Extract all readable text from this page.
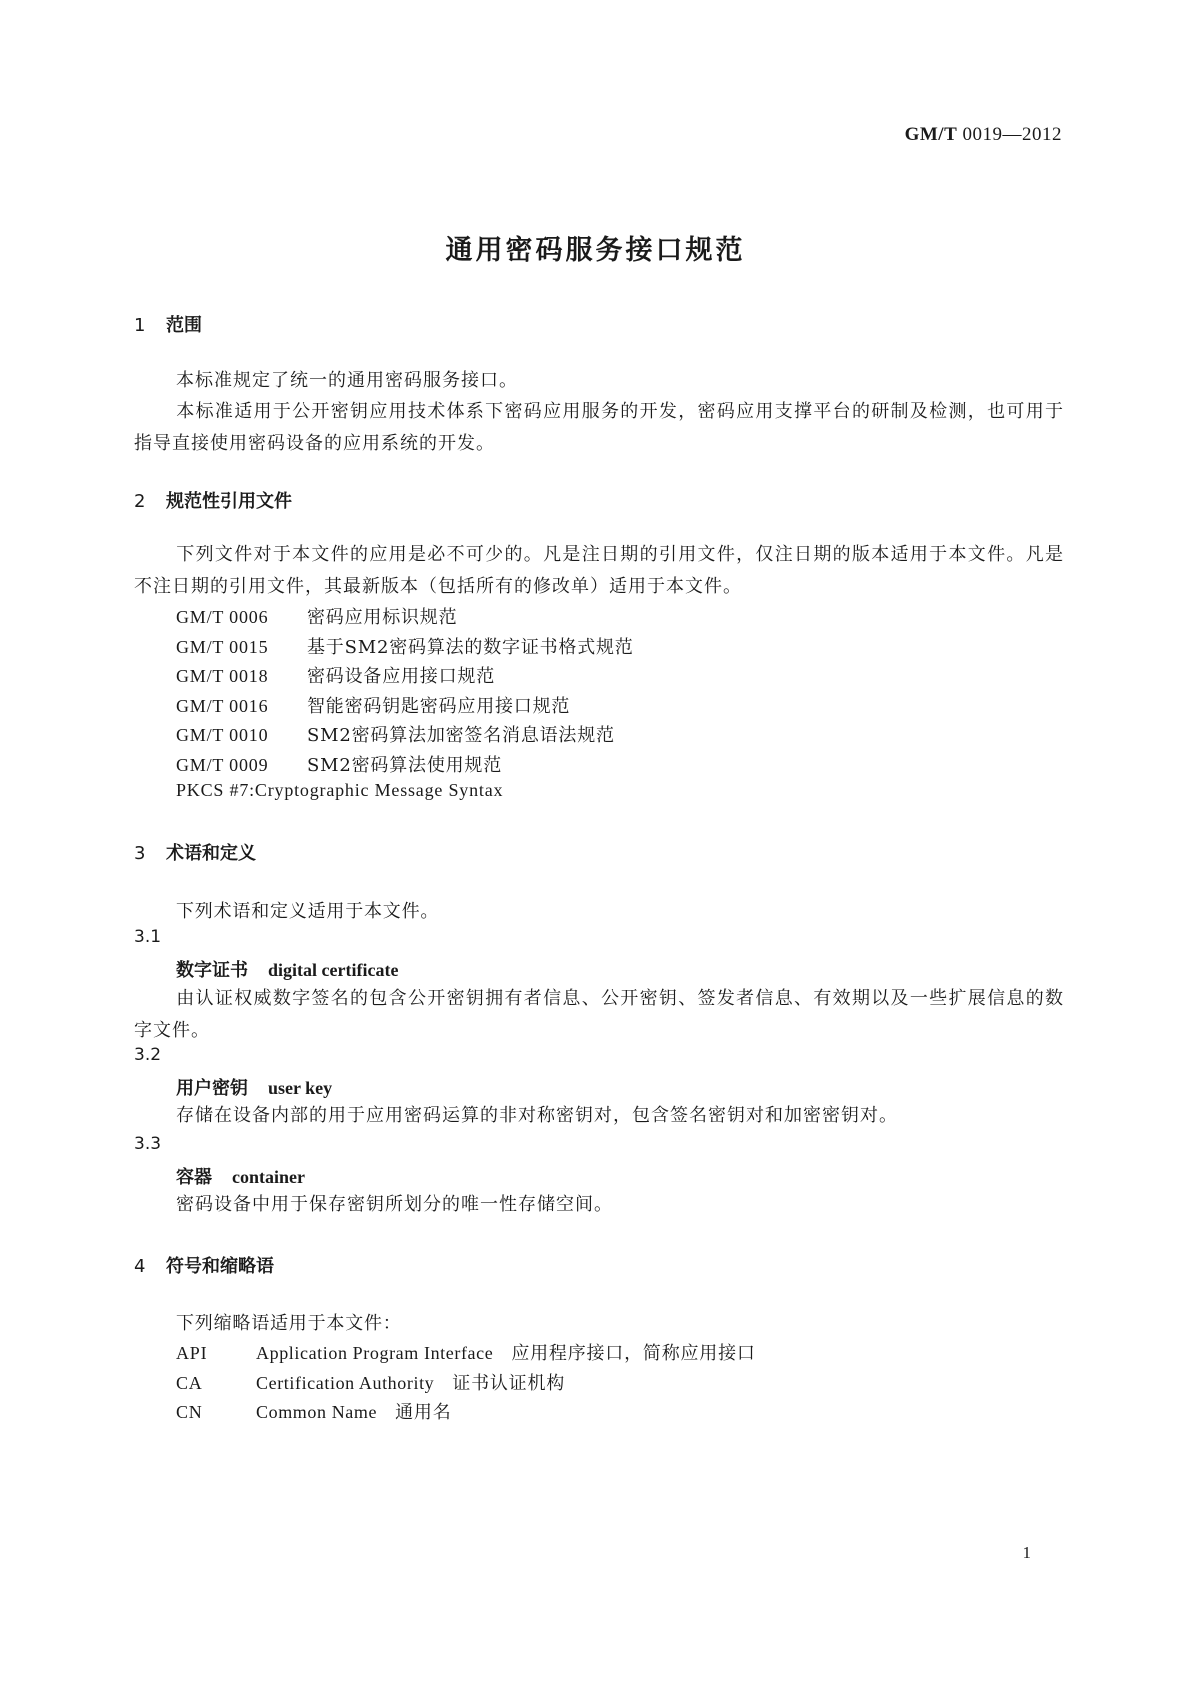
GM/T 0019—2012
通用密码服务接口规范
1 范围
本标准规定了统一的通用密码服务接口。
本标准适用于公开密钥应用技术体系下密码应用服务的开发，密码应用支撑平台的研制及检测，也可用于指导直接使用密码设备的应用系统的开发。
2 规范性引用文件
下列文件对于本文件的应用是必不可少的。凡是注日期的引用文件，仅注日期的版本适用于本文件。凡是不注日期的引用文件，其最新版本（包括所有的修改单）适用于本文件。
GM/T 0006 密码应用标识规范
GM/T 0015 基于SM2密码算法的数字证书格式规范
GM/T 0018 密码设备应用接口规范
GM/T 0016 智能密码钥匙密码应用接口规范
GM/T 0010 SM2密码算法加密签名消息语法规范
GM/T 0009 SM2密码算法使用规范
PKCS #7:Cryptographic Message Syntax
3 术语和定义
下列术语和定义适用于本文件。
3.1
数字证书 digital certificate
由认证权威数字签名的包含公开密钥拥有者信息、公开密钥、签发者信息、有效期以及一些扩展信息的数字文件。
3.2
用户密钥 user key
存储在设备内部的用于应用密码运算的非对称密钥对，包含签名密钥对和加密密钥对。
3.3
容器 container
密码设备中用于保存密钥所划分的唯一性存储空间。
4 符号和缩略语
下列缩略语适用于本文件：
API	Application Program Interface 应用程序接口，简称应用接口
CA	Certification Authority 证书认证机构
CN	Common Name 通用名
1
